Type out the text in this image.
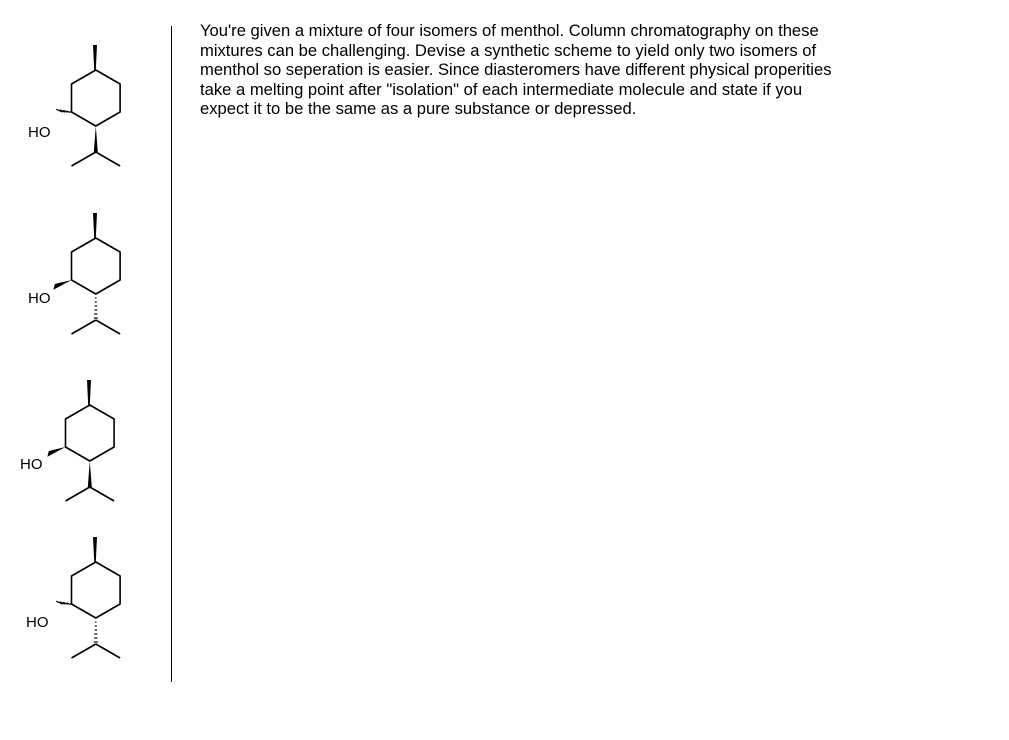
HO
HO
HO
HO

You're given a mixture of four isomers of menthol. Column chromatography on these
mixtures can be challenging. Devise a synthetic scheme to yield only two isomers of
menthol so seperation is easier. Since diasteromers have different physical properities
take a melting point after "isolation" of each intermediate molecule and state if you
expect it to be the same as a pure substance or depressed.
